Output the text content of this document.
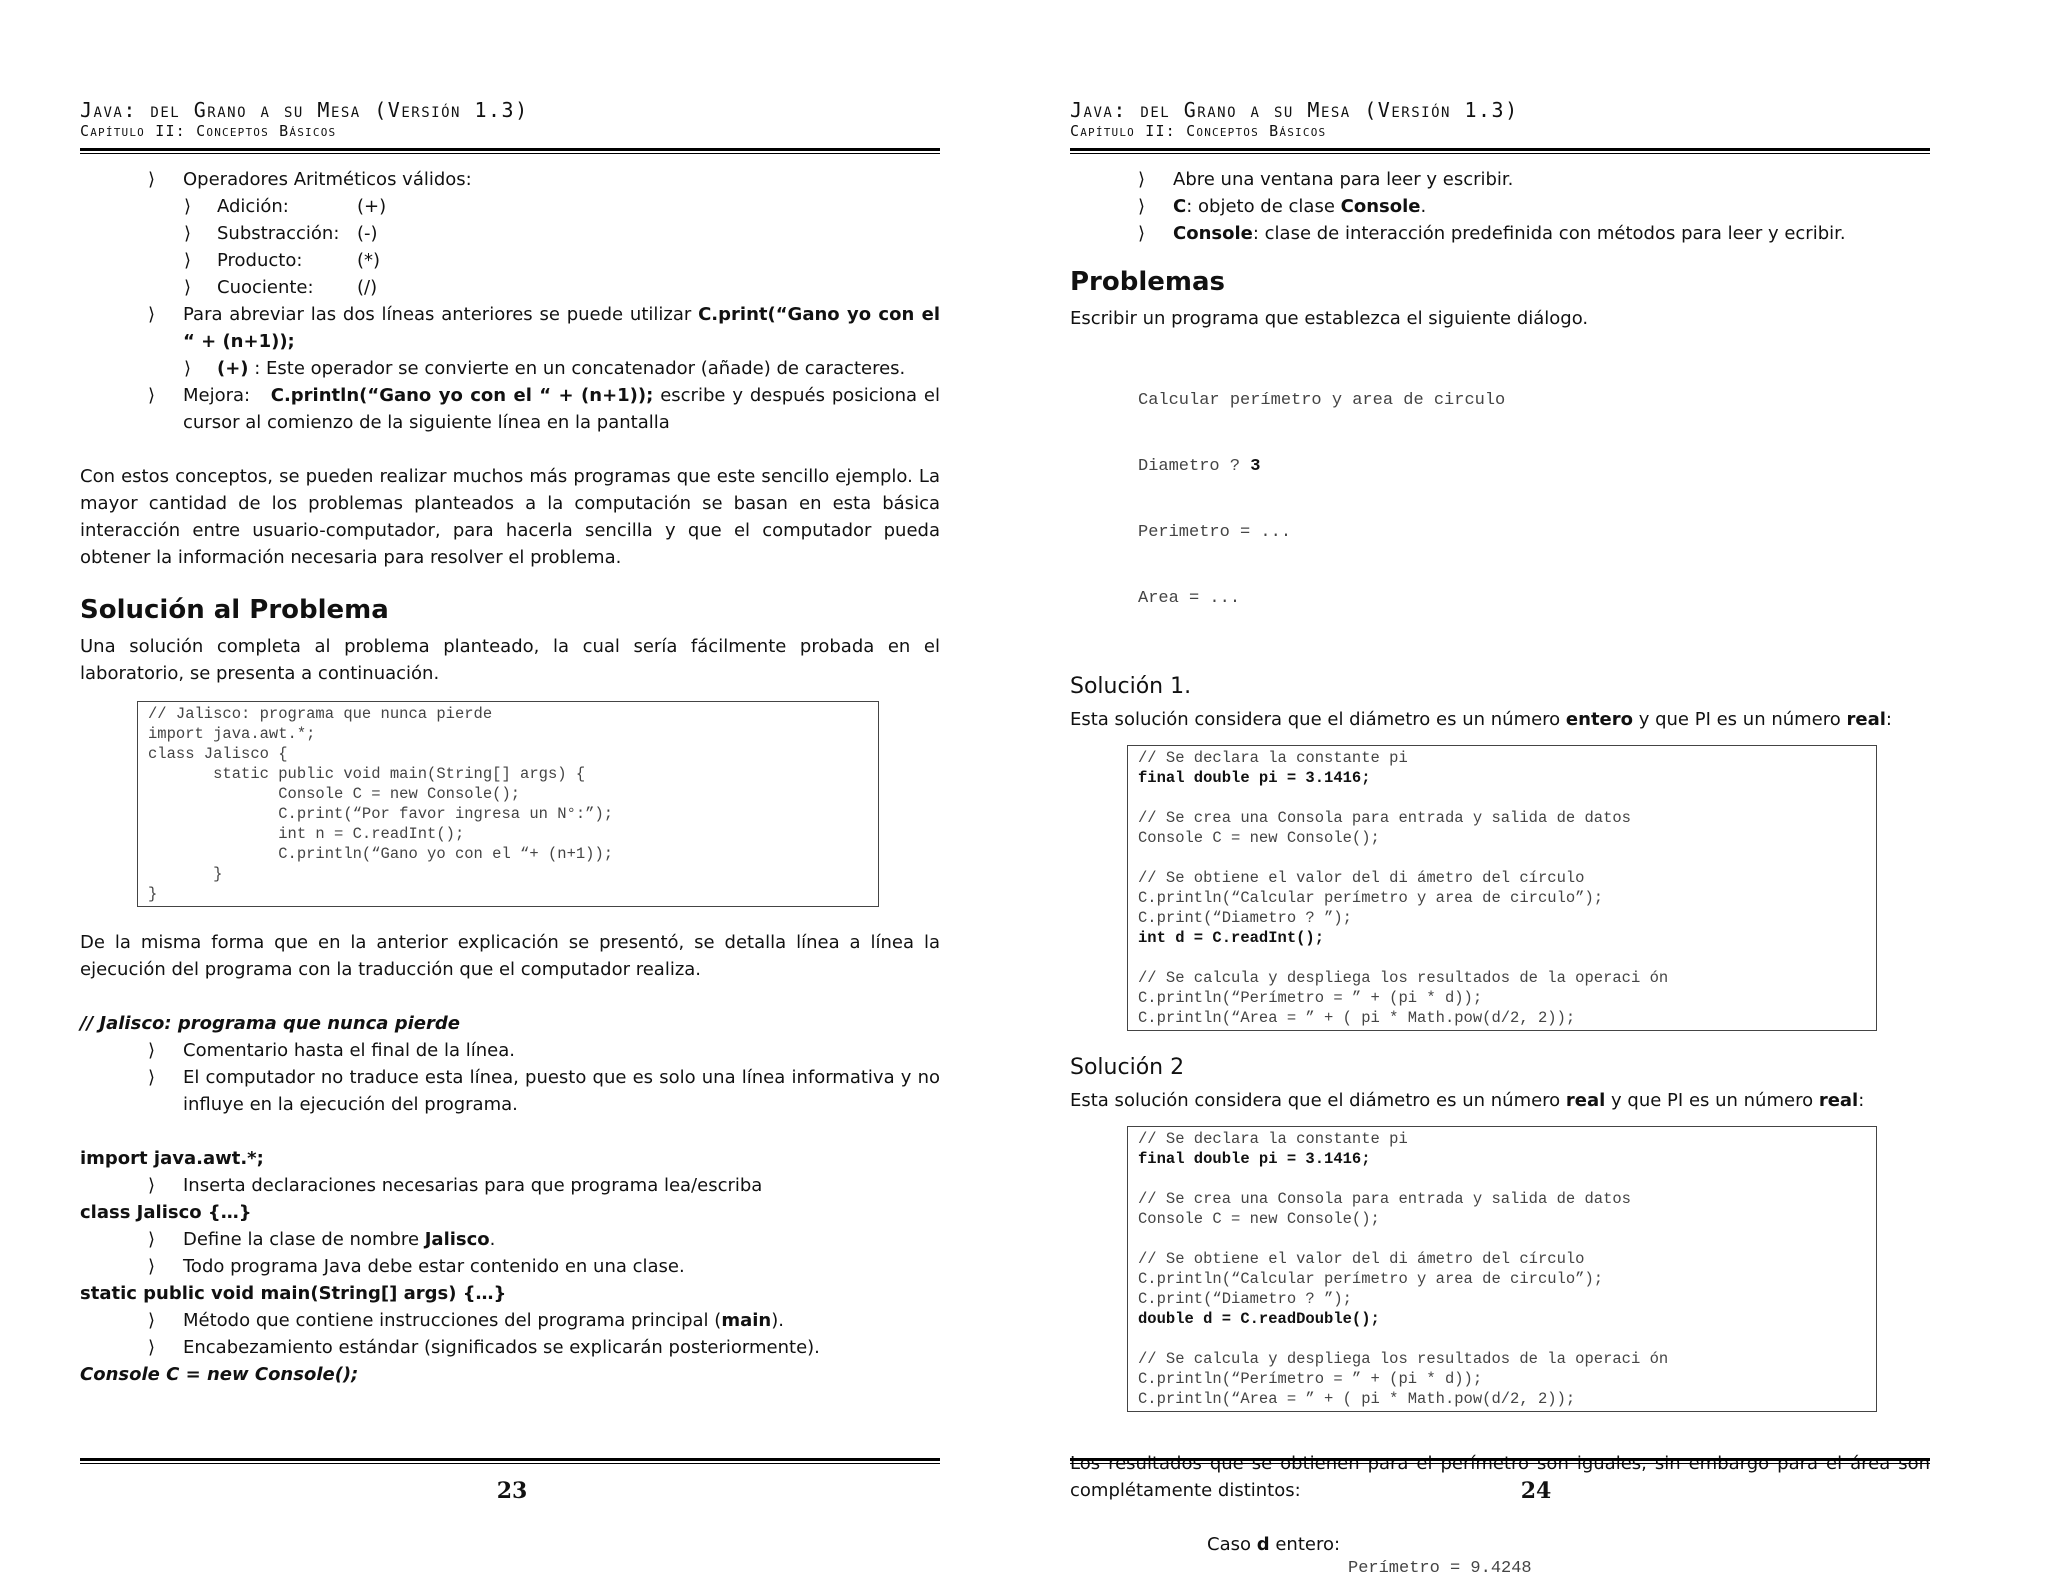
Java: del Grano a su Mesa (Versión 1.3)
Capítulo II: Conceptos Básicos
⟩ Operadores Aritméticos válidos:
⟩ Adición:	(+)
⟩ Substracción: (-)
⟩ Producto:	(*)
⟩ Cuociente: (/)
⟩ Para abreviar las dos líneas anteriores se puede utilizar C.print(“Gano yo con el “ + (n+1));
⟩ (+) : Este operador se convierte en un concatenador (añade) de caracteres.
⟩ Mejora: C.println(“Gano yo con el “ + (n+1)); escribe y después posiciona el cursor al comienzo de la siguiente línea en la pantalla

Con estos conceptos, se pueden realizar muchos más programas que este sencillo ejemplo. La mayor cantidad de los problemas planteados a la computación se basan en esta básica interacción entre usuario-computador, para hacerla sencilla y que el computador pueda obtener la información necesaria para resolver el problema.

Solución al Problema

Una solución completa al problema planteado, la cual sería fácilmente probada en el laboratorio, se presenta a continuación.

// Jalisco: programa que nunca pierde
import java.awt.*;
class Jalisco {
static public void main(String[] args) {
Console C = new Console();
C.print(“Por favor ingresa un N°:”);
int n = C.readInt();
C.println(“Gano yo con el “+ (n+1));
}
}

De la misma forma que en la anterior explicación se presentó, se detalla línea a línea la ejecución del programa con la traducción que el computador realiza.

// Jalisco: programa que nunca pierde
⟩ Comentario hasta el final de la línea.
⟩ El computador no traduce esta línea, puesto que es solo una línea informativa y no influye en la ejecución del programa.
import java.awt.*;
⟩ Inserta declaraciones necesarias para que programa lea/escriba
class Jalisco {…}
⟩ Define la clase de nombre Jalisco.
⟩ Todo programa Java debe estar contenido en una clase.
static public void main(String[] args) {…}
⟩ Método que contiene instrucciones del programa principal (main).
⟩ Encabezamiento estándar (significados se explicarán posteriormente).
Console C = new Console();
23
Java: del Grano a su Mesa (Versión 1.3)
Capítulo II: Conceptos Básicos
⟩ Abre una ventana para leer y escribir.
⟩ C: objeto de clase Console.
⟩ Console: clase de interacción predefinida con métodos para leer y ecribir.
Problemas

Escribir un programa que establezca el siguiente diálogo.

Calcular perímetro y area de circulo

Diametro ? 3

Perimetro = ...

Area = ...

Solución 1.

Esta solución considera que el diámetro es un número entero y que PI es un número real:

// Se declara la constante pi
final double pi = 3.1416;

// Se crea una Consola para entrada y salida de datos
Console C = new Console();

// Se obtiene el valor del di ámetro del círculo
C.println(“Calcular perímetro y area de circulo”);
C.print(“Diametro ? ”);
int d = C.readInt();

// Se calcula y despliega los resultados de la operaci ón
C.println(“Perímetro = ” + (pi * d));
C.println(“Area = ” + ( pi * Math.pow(d/2, 2));
Solución 2

Esta solución considera que el diámetro es un número real y que PI es un número real:

// Se declara la constante pi
final double pi = 3.1416;

// Se crea una Consola para entrada y salida de datos
Console C = new Console();

// Se obtiene el valor del di ámetro del círculo
C.println(“Calcular perímetro y area de circulo”);
C.print(“Diametro ? ”);
double d = C.readDouble();

// Se calcula y despliega los resultados de la operaci ón
C.println(“Perímetro = ” + (pi * d));
C.println(“Area = ” + ( pi * Math.pow(d/2, 2));

Los resultados que se obtienen para el perímetro son iguales, sin embargo para el área son complétamente distintos:

Caso d entero:
Perímetro = 9.4248
24
